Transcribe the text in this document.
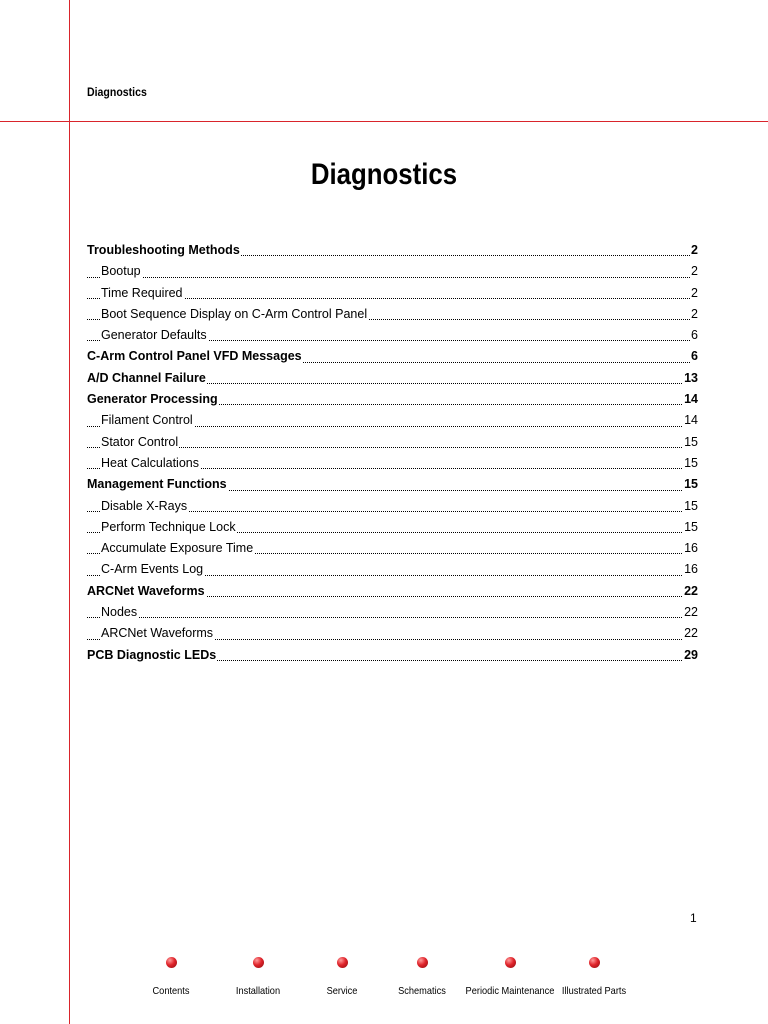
Diagnostics
Diagnostics
Troubleshooting Methods	2
Bootup	2
Time Required	2
Boot Sequence Display on C-Arm Control Panel	2
Generator Defaults	6
C-Arm Control Panel VFD Messages	6
A/D Channel Failure	13
Generator Processing	14
Filament Control	14
Stator Control	15
Heat Calculations	15
Management Functions	15
Disable X-Rays	15
Perform Technique Lock	15
Accumulate Exposure Time	16
C-Arm Events Log	16
ARCNet Waveforms	22
Nodes	22
ARCNet Waveforms	22
PCB Diagnostic LEDs	29
1
Contents	Installation	Service	Schematics	Periodic Maintenance Illustrated Parts
